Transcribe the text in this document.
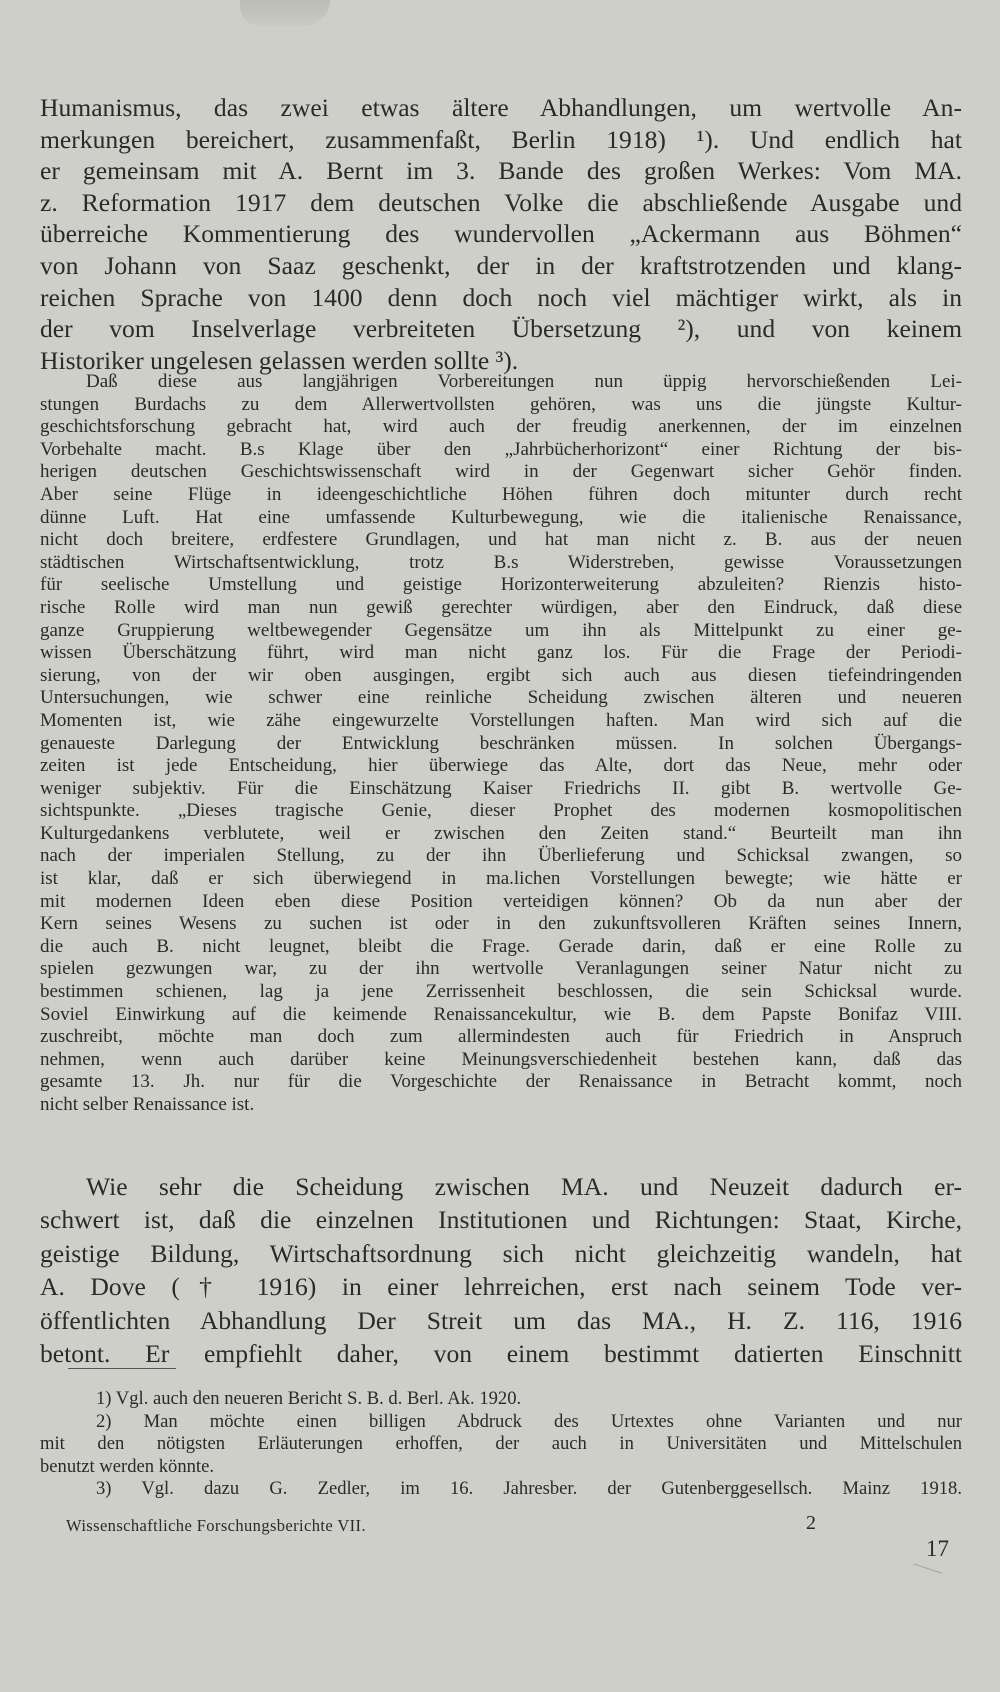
Humanismus, das zwei etwas ältere Abhandlungen, um wertvolle An-
merkungen bereichert, zusammenfaßt, Berlin 1918) ¹). Und endlich hat
er gemeinsam mit A. Bernt im 3. Bande des großen Werkes: Vom MA.
z. Reformation 1917 dem deutschen Volke die abschließende Ausgabe und
überreiche Kommentierung des wundervollen „Ackermann aus Böhmen“
von Johann von Saaz geschenkt, der in der kraftstrotzenden und klang-
reichen Sprache von 1400 denn doch noch viel mächtiger wirkt, als in
der vom Inselverlage verbreiteten Übersetzung ²), und von keinem
Historiker ungelesen gelassen werden sollte ³).
Daß diese aus langjährigen Vorbereitungen nun üppig hervorschießenden Lei-
stungen Burdachs zu dem Allerwertvollsten gehören, was uns die jüngste Kultur-
geschichtsforschung gebracht hat, wird auch der freudig anerkennen, der im einzelnen
Vorbehalte macht. B.s Klage über den „Jahrbücherhorizont“ einer Richtung der bis-
herigen deutschen Geschichtswissenschaft wird in der Gegenwart sicher Gehör finden.
Aber seine Flüge in ideengeschichtliche Höhen führen doch mitunter durch recht
dünne Luft. Hat eine umfassende Kulturbewegung, wie die italienische Renaissance,
nicht doch breitere, erdfestere Grundlagen, und hat man nicht z. B. aus der neuen
städtischen Wirtschaftsentwicklung, trotz B.s Widerstreben, gewisse Voraussetzungen
für seelische Umstellung und geistige Horizonterweiterung abzuleiten? Rienzis histo-
rische Rolle wird man nun gewiß gerechter würdigen, aber den Eindruck, daß diese
ganze Gruppierung weltbewegender Gegensätze um ihn als Mittelpunkt zu einer ge-
wissen Überschätzung führt, wird man nicht ganz los. Für die Frage der Periodi-
sierung, von der wir oben ausgingen, ergibt sich auch aus diesen tiefeindringenden
Untersuchungen, wie schwer eine reinliche Scheidung zwischen älteren und neueren
Momenten ist, wie zähe eingewurzelte Vorstellungen haften. Man wird sich auf die
genaueste Darlegung der Entwicklung beschränken müssen. In solchen Übergangs-
zeiten ist jede Entscheidung, hier überwiege das Alte, dort das Neue, mehr oder
weniger subjektiv. Für die Einschätzung Kaiser Friedrichs II. gibt B. wertvolle Ge-
sichtspunkte. „Dieses tragische Genie, dieser Prophet des modernen kosmopolitischen
Kulturgedankens verblutete, weil er zwischen den Zeiten stand.“ Beurteilt man ihn
nach der imperialen Stellung, zu der ihn Überlieferung und Schicksal zwangen, so
ist klar, daß er sich überwiegend in ma.lichen Vorstellungen bewegte; wie hätte er
mit modernen Ideen eben diese Position verteidigen können? Ob da nun aber der
Kern seines Wesens zu suchen ist oder in den zukunftsvolleren Kräften seines Innern,
die auch B. nicht leugnet, bleibt die Frage. Gerade darin, daß er eine Rolle zu
spielen gezwungen war, zu der ihn wertvolle Veranlagungen seiner Natur nicht zu
bestimmen schienen, lag ja jene Zerrissenheit beschlossen, die sein Schicksal wurde.
Soviel Einwirkung auf die keimende Renaissancekultur, wie B. dem Papste Bonifaz VIII.
zuschreibt, möchte man doch zum allermindesten auch für Friedrich in Anspruch
nehmen, wenn auch darüber keine Meinungsverschiedenheit bestehen kann, daß das
gesamte 13. Jh. nur für die Vorgeschichte der Renaissance in Betracht kommt, noch
nicht selber Renaissance ist.
Wie sehr die Scheidung zwischen MA. und Neuzeit dadurch er-
schwert ist, daß die einzelnen Institutionen und Richtungen: Staat, Kirche,
geistige Bildung, Wirtschaftsordnung sich nicht gleichzeitig wandeln, hat
A. Dove († 1916) in einer lehrreichen, erst nach seinem Tode ver-
öffentlichten Abhandlung Der Streit um das MA., H. Z. 116, 1916
betont. Er empfiehlt daher, von einem bestimmt datierten Einschnitt
1) Vgl. auch den neueren Bericht S. B. d. Berl. Ak. 1920.
2) Man möchte einen billigen Abdruck des Urtextes ohne Varianten und nur
mit den nötigsten Erläuterungen erhoffen, der auch in Universitäten und Mittelschulen
benutzt werden könnte.
3) Vgl. dazu G. Zedler, im 16. Jahresber. der Gutenberggesellsch. Mainz 1918.
Wissenschaftliche Forschungsberichte VII.	2
17
